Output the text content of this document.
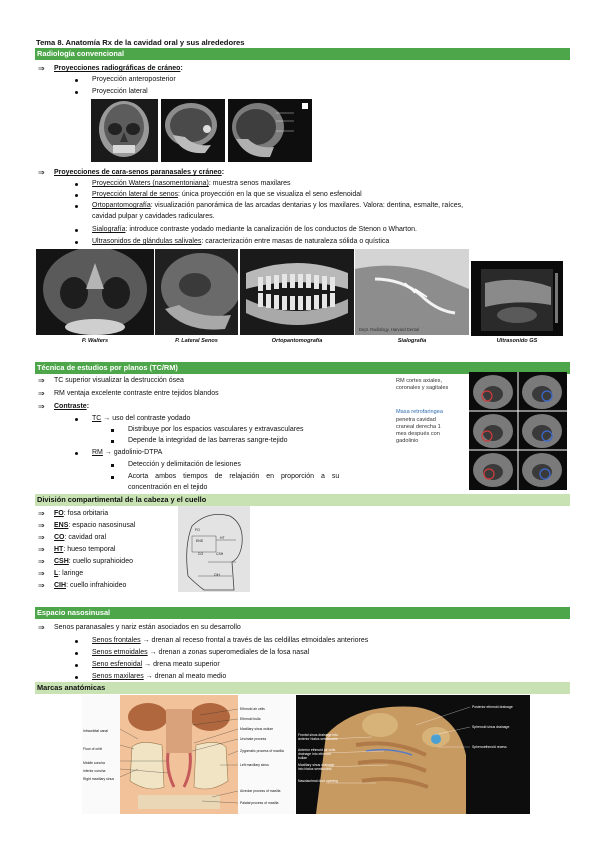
Tema 8. Anatomía Rx de la cavidad oral y sus alrededores
Radiología convencional
⇒ Proyecciones radiográficas de cráneo:
Proyección anteroposterior
Proyección lateral
⇒ Proyecciones de cara-senos paranasales y cráneo:
Proyección Waters (nasomentoniana): muestra senos maxilares
Proyección lateral de senos: única proyección en la que se visualiza el seno esfenoidal
Ortopantomografía: visualización panorámica de las arcadas dentarias y los maxilares. Valora: dentina, esmalte, raíces,
cavidad pulpar y cavidades radiculares.
Sialografía: introduce contraste yodado mediante la canalización de los conductos de Stenon o Wharton.
Ultrasonidos de glándulas salivales: caracterización entre masas de naturaleza sólida o quística
Dept. Radiology, Harvard Dental
P. Walters	P. Lateral Senos	Ortopantomografía	Sialografía	Ultrasonido GS
Técnica de estudios por planos (TC/RM)
⇒ TC superior visualizar la destrucción ósea
⇒ RM ventaja excelente contraste entre tejidos blandos
⇒ Contraste:
TC → uso del contraste yodado
Distribuye por los espacios vasculares y extravasculares
Depende la integridad de las barreras sangre-tejido
RM → gadolinio-DTPA
Detección y delimitación de lesiones
Acorta ambos tiempos de relajación en proporción a su
concentración en el tejido
RM cortes axiales,
coronales y sagitales
Masa retrofaringea
penetra cavidad
craneal derecha 1
mes después con
gadolinio
División compartimental de la cabeza y el cuello
⇒ FO: fosa orbitaria
⇒ ENS: espacio nasosinusal
⇒ CO: cavidad oral
⇒ HT: hueso temporal
⇒ CSH: cuello suprahioideo
⇒ L: laringe
⇒ CIH: cuello infrahioideo
FO
ENS
HT
CO	CSH
CIH
Espacio nasosinusal
⇒ Senos paranasales y nariz están asociados en su desarrollo
Senos frontales → drenan al receso frontal a través de las celdillas etmoidales anteriores
Senos etmoidales → drenan a zonas superomediales de la fosa nasal
Seno esfenoidal → drena meato superior
Senos maxilares → drenan al meato medio
Marcas anatómicas
Infraorbital canal
Floor of orbit
Middle concha
Inferior concha
Right maxillary sinus
Ethmoid air cells
Ethmoid bulla
Maxillary sinus ostium
Uncinate process
Zygomatic process of maxilla
Left maxillary sinus
Alveolar process of maxilla
Palatal process of maxilla
Frontal sinus drainage into anterior hiatus semilunaris
Anterior ethmoid air cells drainage into ethmoid bullae
Maxillary sinus drainage into hiatus semilunaris
Nasolacrimal duct opening
Posterior ethmoid drainage
Sphenoid sinus drainage
Sphenoethmoid recess
